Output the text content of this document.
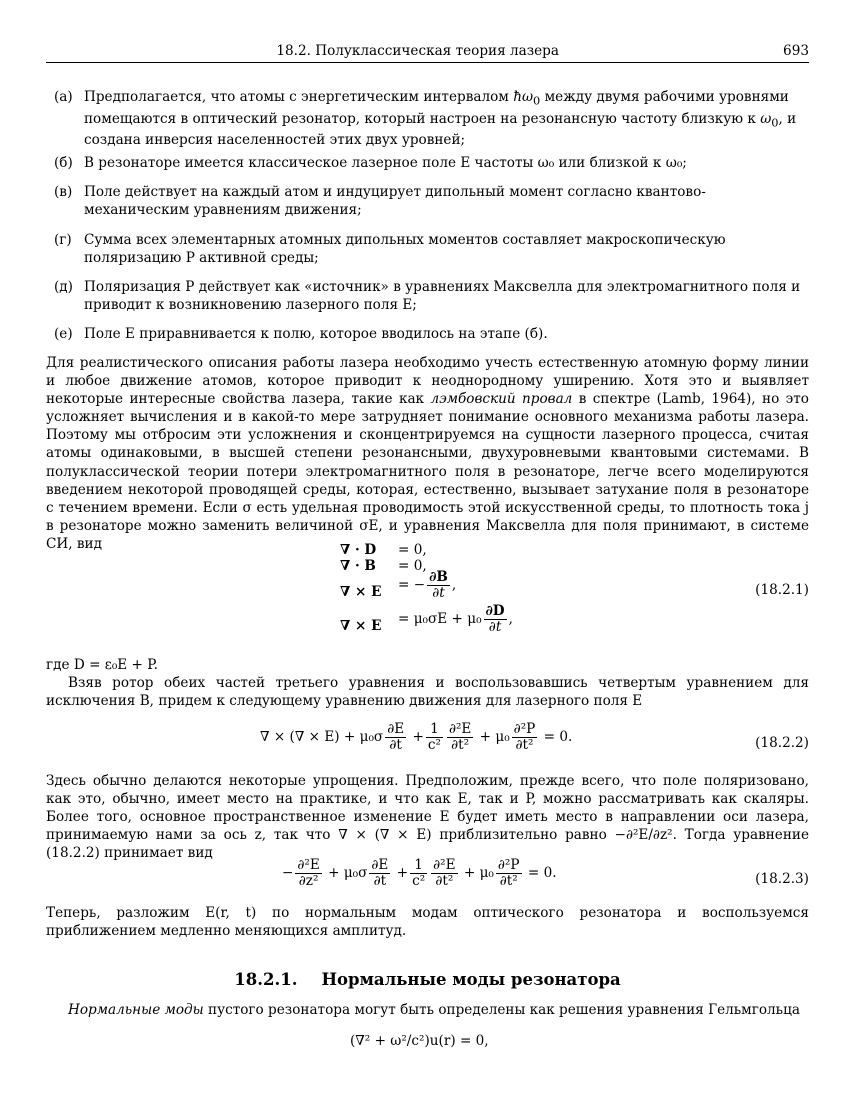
18.2. Полуклассическая теория лазера	693
(а) Предполагается, что атомы с энергетическим интервалом $ħ\omega_0$ между двумя рабочими уровнями помещаются в оптический резонатор, который настроен на резонансную частоту близкую к $\omega_0$, и создана инверсия населенностей этих двух уровней;
(б) В резонаторе имеется классическое лазерное поле E частоты ω₀ или близкой к ω₀;
(в) Поле действует на каждый атом и индуцирует дипольный момент согласно квантово-механическим уравнениям движения;
(г) Сумма всех элементарных атомных дипольных моментов составляет макроскопическую поляризацию P активной среды;
(д) Поляризация P действует как «источник» в уравнениях Максвелла для электромагнитного поля и приводит к возникновению лазерного поля E;
(е) Поле E приравнивается к полю, которое вводилось на этапе (б).
Для реалистического описания работы лазера необходимо учесть естественную атомную форму линии и любое движение атомов, которое приводит к неоднородному уширению. Хотя это и выявляет некоторые интересные свойства лазера, такие как лэмбовский провал в спектре (Lamb, 1964), но это усложняет вычисления и в какой-то мере затрудняет понимание основного механизма работы лазера. Поэтому мы отбросим эти усложнения и сконцентрируемся на сущности лазерного процесса, считая атомы одинаковыми, в высшей степени резонансными, двухуровневыми квантовыми системами. В полуклассической теории потери электромагнитного поля в резонаторе, легче всего моделируются введением некоторой проводящей среды, которая, естественно, вызывает затухание поля в резонаторе с течением времени. Если σ есть удельная проводимость этой искусственной среды, то плотность тока j в резонаторе можно заменить величиной σE, и уравнения Максвелла для поля принимают, в системе СИ, вид	∇ · D = 0,
∇ · B = 0,
∇ × E = − $\frac{\partial B}{\partial t}$ ,
∇ × $E = \mu_0\sigma E + \mu_0 \frac{\partial D}{\partial t}$ ,
(18.2.1)
где D = ε₀E + P.
Взяв ротор обеих частей третьего уравнения и воспользовавшись четвертым уравнением для исключения B, придем к следующему уравнению движения для лазерного поля E
∇ × (∇ × $E) + \mu_0\sigma \frac{\partial E}{\partial t} + \frac{1}{\text{c²}} \frac{\text{∂²E}}{\text{∂t²}} + \mu_0 \frac{\text{∂²P}}{\text{∂t²}} = 0$.	(18.2.2)
Здесь обычно делаются некоторые упрощения. Предположим, прежде всего, что поле поляризовано, как это, обычно, имеет место на практике, и что как E, так и P, можно рассматривать как скаляры. Более того, основное пространственное изменение E будет иметь место в направлении оси лазера, принимаемую нами за ось z, так что ∇ × (∇ × E) приблизительно равно −∂²E/∂z². Тогда уравнение (18.2.2) принимает вид
− $\frac{\text{∂²E}}{\text{∂z²}} + \mu_0\sigma \frac{\partial E}{\partial t} + \frac{1}{\text{c²}} \frac{\text{∂²E}}{\text{∂t²}} + \mu_0 \frac{\text{∂²P}}{\text{∂t²}} = 0$.	(18.2.3)
Теперь, разложим E(r, t) по нормальным модам оптического резонатора и воспользуемся приближением медленно меняющихся амплитуд.
18.2.1. Нормальные моды резонатора
Нормальные моды пустого резонатора могут быть определены как решения уравнения Гельмгольца
(∇² + ω²/c²)u(r) = 0,
